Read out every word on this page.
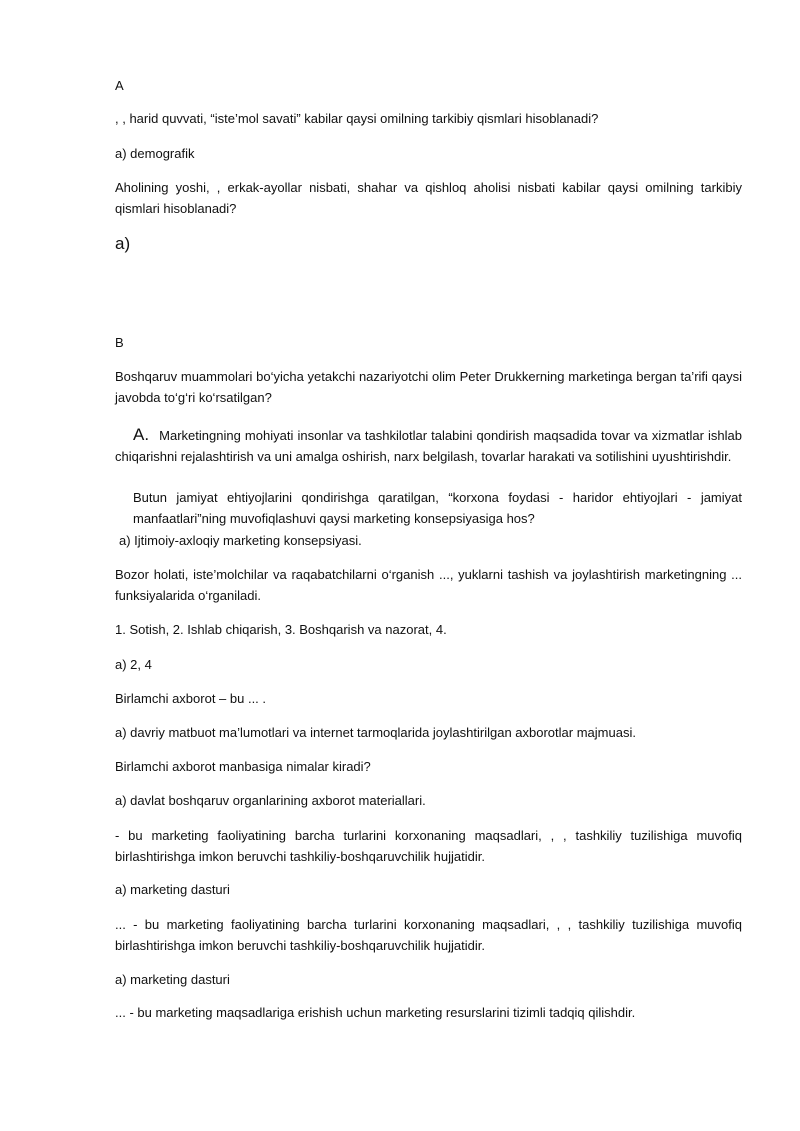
A

, , harid quvvati, “iste’mol savati” kabilar qaysi omilning tarkibiy qismlari hisoblanadi?

a) demografik

Aholining yoshi, , erkak-ayollar nisbati, shahar va qishloq aholisi nisbati kabilar qaysi omilning tarkibiy qismlari hisoblanadi?

a)

B

Boshqaruv muammolari bo‘yicha yetakchi nazariyotchi olim Peter Drukkerning marketinga bergan ta’rifi qaysi javobda to‘g‘ri ko‘rsatilgan?

A. Marketingning mohiyati insonlar va tashkilotlar talabini qondirish maqsadida tovar va xizmatlar ishlab chiqarishni rejalashtirish va uni amalga oshirish, narx belgilash, tovarlar harakati va sotilishini uyushtirishdir.

Butun jamiyat ehtiyojlarini qondirishga qaratilgan, “korxona foydasi - haridor ehtiyojlari - jamiyat manfaatlari”ning muvofiqlashuvi qaysi marketing konsepsiyasiga hos?

a) Ijtimoiy-axloqiy marketing konsepsiyasi.

Bozor holati, iste’molchilar va raqabatchilarni o‘rganish ..., yuklarni tashish va joylashtirish marketingning ... funksiyalarida o‘rganiladi.

1. Sotish, 2. Ishlab chiqarish, 3. Boshqarish va nazorat, 4.

a) 2, 4

Birlamchi axborot – bu ... .

a) davriy matbuot ma’lumotlari va internet tarmoqlarida joylashtirilgan axborotlar majmuasi.

Birlamchi axborot manbasiga nimalar kiradi?

a) davlat boshqaruv organlarining axborot materiallari.

- bu marketing faoliyatining barcha turlarini korxonaning maqsadlari, , , tashkiliy tuzilishiga muvofiq birlashtirishga imkon beruvchi tashkiliy-boshqaruvchilik hujjatidir.

a) marketing dasturi

... - bu marketing faoliyatining barcha turlarini korxonaning maqsadlari, , , tashkiliy tuzilishiga muvofiq birlashtirishga imkon beruvchi tashkiliy-boshqaruvchilik hujjatidir.

a) marketing dasturi

... - bu marketing maqsadlariga erishish uchun marketing resurslarini tizimli tadqiq qilishdir.
